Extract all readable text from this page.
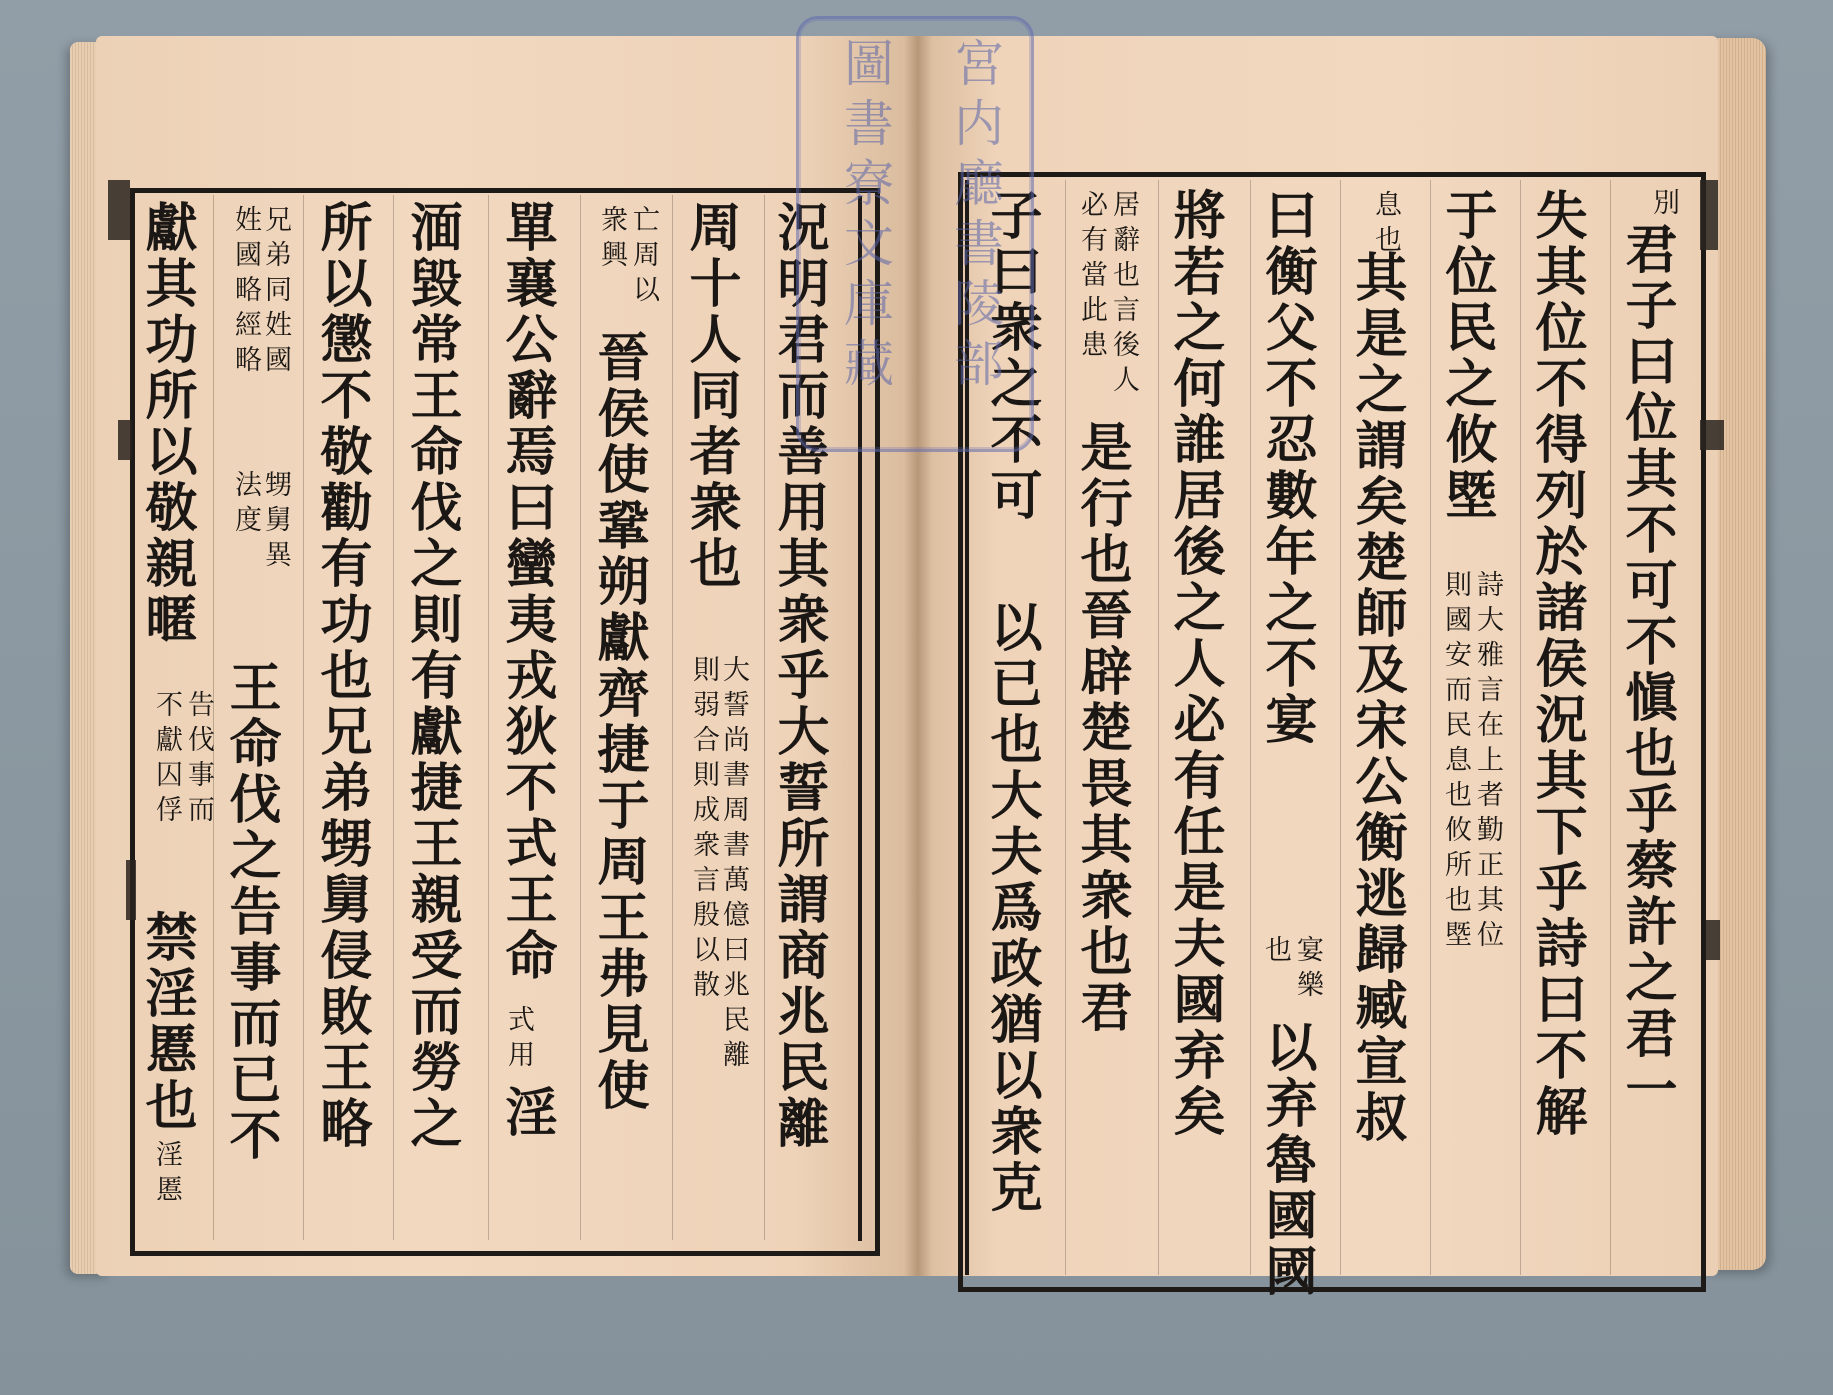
況明君而善用其衆乎大誓所謂商兆民離
周十人同者衆也
大誓尚書周書萬億曰兆民離
則弱合則成衆言殷以散
亡周以
衆興
晉侯使鞏朔獻齊捷于周王弗見使
單襄公辭焉曰蠻夷戎狄不式王命
式用
淫
湎毀常王命伐之則有獻捷王親受而勞之
所以懲不敬勸有功也兄弟甥舅侵敗王略
兄弟同姓國
姓國略經略
甥舅異
法度
王命伐之告事而已不
獻其功所以敬親暱
告伐事而
不獻囚俘
禁淫慝也
淫慝
別
君子曰位其不可不愼也乎蔡許之君一
失其位不得列於諸侯況其下乎詩曰不解
于位民之攸塈
詩大雅言在上者勤正其位
則國安而民息也攸所也塈
息也
其是之謂矣楚師及宋公衡逃歸臧宣叔
曰衡父不忍數年之不宴
宴樂
也
以弃魯國國
將若之何誰居後之人必有任是夫國弃矣
居辭也言後人
必有當此患
是行也晉辟楚畏其衆也君
子曰衆之不可
以已也大夫爲政猶以衆克
宮内廳書陵部
圖書寮文庫藏
